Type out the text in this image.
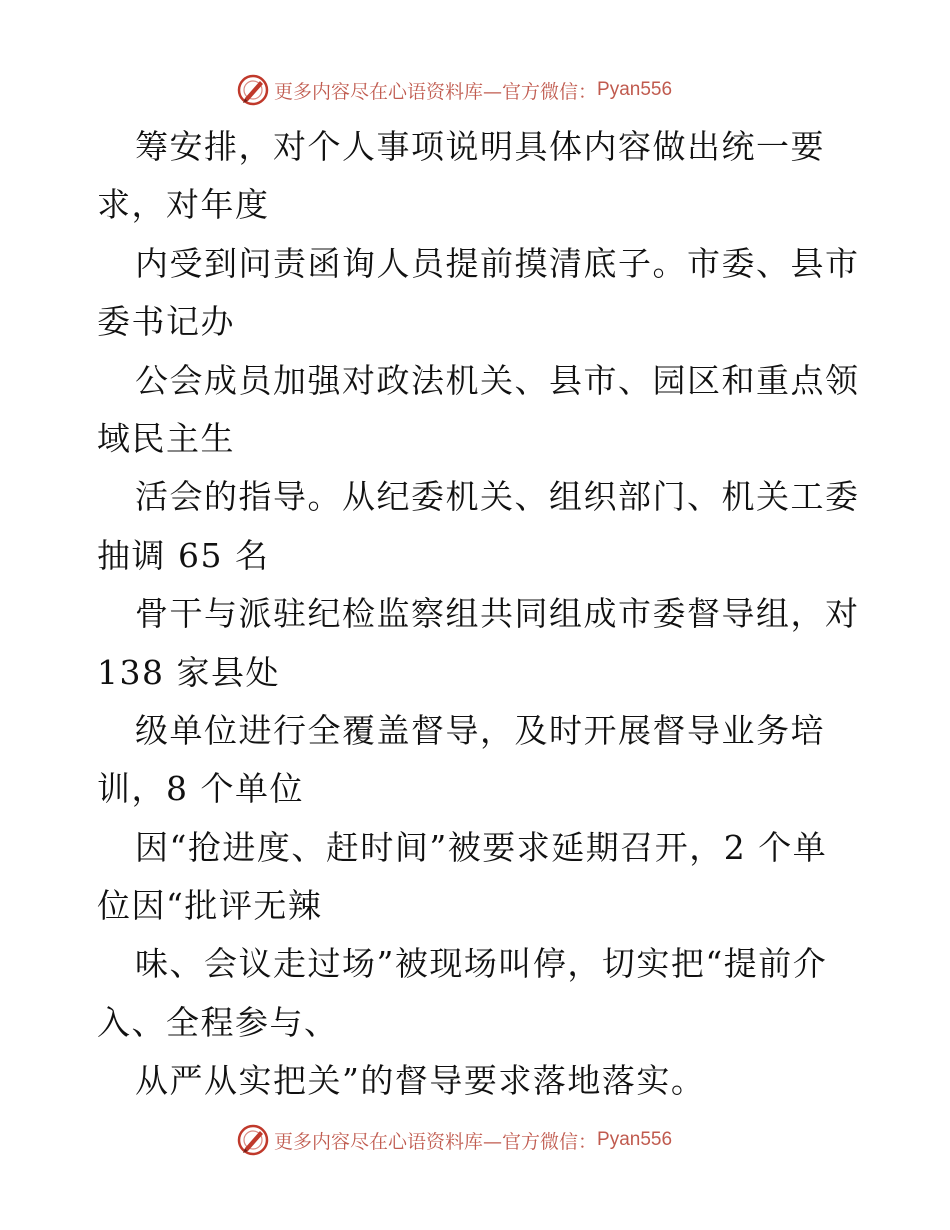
更多内容尽在心语资料库—官方微信： Pyan556
筹安排，对个人事项说明具体内容做出统一要
求，对年度
内受到问责函询人员提前摸清底子。市委、县市
委书记办
公会成员加强对政法机关、县市、园区和重点领
域民主生
活会的指导。从纪委机关、组织部门、机关工委
抽调 65 名
骨干与派驻纪检监察组共同组成市委督导组，对
138 家县处
级单位进行全覆盖督导，及时开展督导业务培
训，8 个单位
因“抢进度、赶时间”被要求延期召开，2 个单
位因“批评无辣
味、会议走过场”被现场叫停，切实把“提前介
入、全程参与、
从严从实把关”的督导要求落地落实。
更多内容尽在心语资料库—官方微信： Pyan556
